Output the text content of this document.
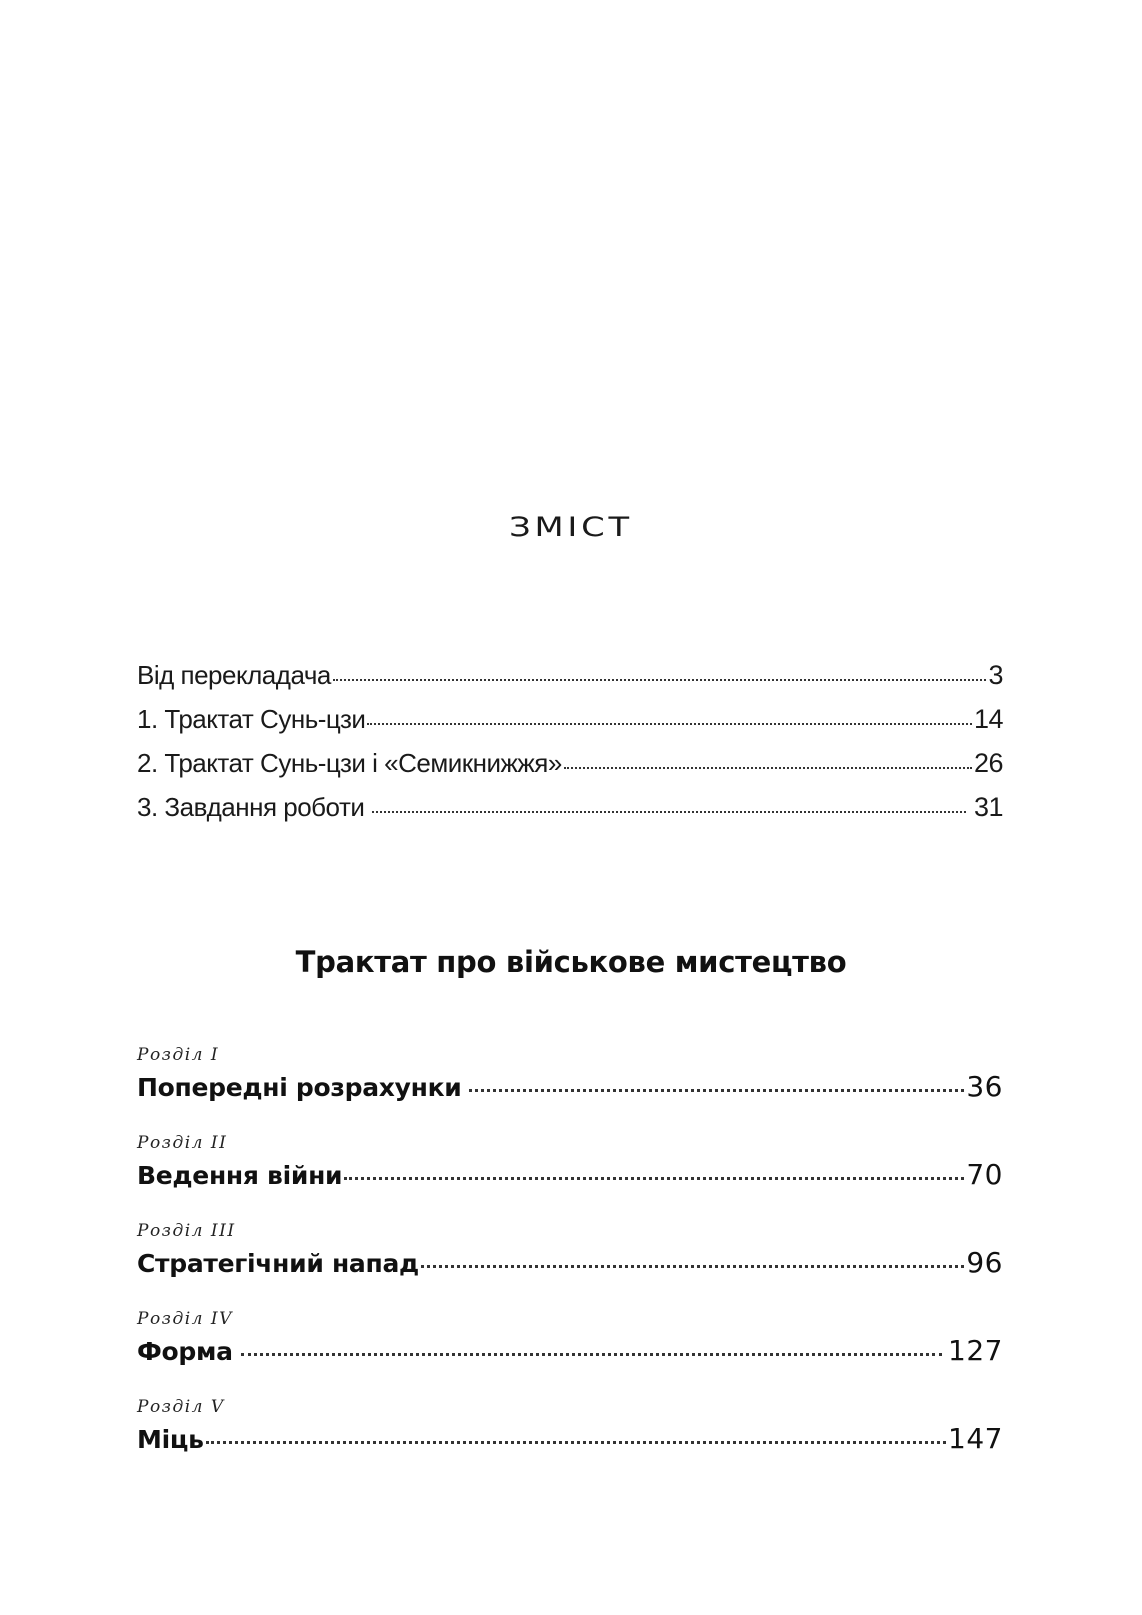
ЗМІСТ
Від перекладача	3
1. Трактат Сунь-цзи	14
2. Трактат Сунь-цзи і «Семикнижжя»	26
3. Завдання роботи	31
Трактат про військове мистецтво
Розділ I
Попередні розрахунки	36
Розділ II
Ведення війни	70
Розділ III
Стратегічний напад	96
Розділ IV
Форма	127
Розділ V
Міць	147
